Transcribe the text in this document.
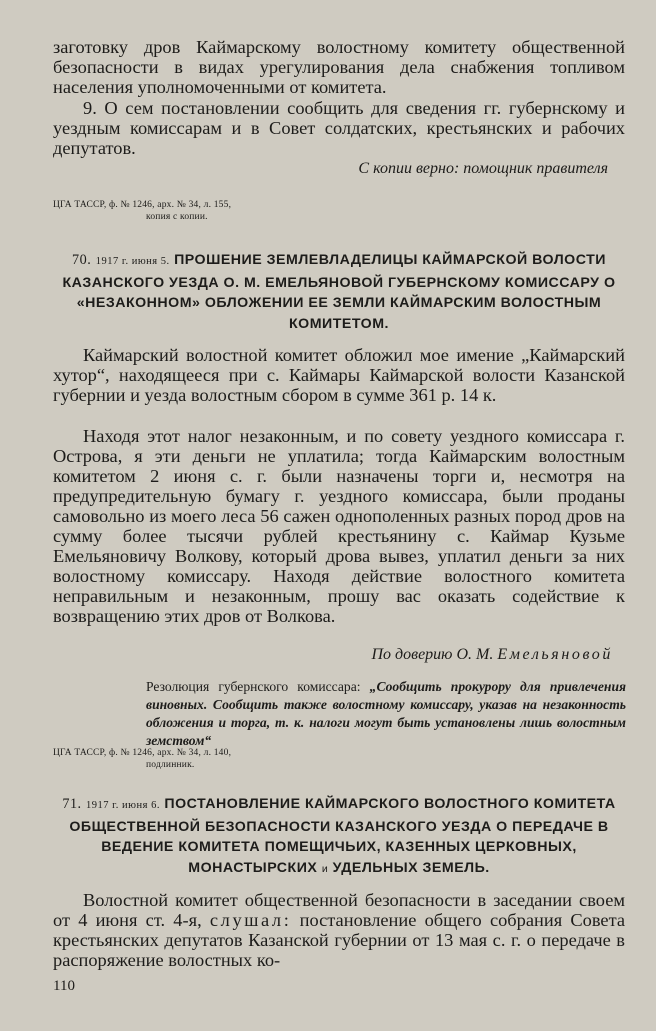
заготовку дров Каймарскому волостному комитету общественной безопасности в видах урегулирования дела снабжения топливом населения уполномоченными от комитета.

9. О сем постановлении сообщить для сведения гг. губернскому и уездным комиссарам и в Совет солдатских, крестьянских и рабочих депутатов.

С копии верно: помощник правителя

ЦГА ТАССР, ф. № 1246, арх. № 34, л. 155,
копия с копии.
70. 1917 г. июня 5. ПРОШЕНИЕ ЗЕМЛЕВЛАДЕЛИЦЫ КАЙМАРСКОЙ ВОЛОСТИ КАЗАНСКОГО УЕЗДА О. М. ЕМЕЛЬЯНОВОЙ ГУБЕРНСКОМУ КОМИССАРУ О «НЕЗАКОННОМ» ОБЛОЖЕНИИ ЕЕ ЗЕМЛИ КАЙМАРСКИМ ВОЛОСТНЫМ КОМИТЕТОМ.

Каймарский волостной комитет обложил мое имение „Каймарский хутор“, находящееся при с. Каймары Каймарской волости Казанской губернии и уезда волостным сбором в сумме 361 р. 14 к.

Находя этот налог незаконным, и по совету уездного комиссара г. Острова, я эти деньги не уплатила; тогда Каймарским волостным комитетом 2 июня с. г. были назначены торги и, несмотря на предупредительную бумагу г. уездного комиссара, были проданы самовольно из моего леса 56 сажен однополенных разных пород дров на сумму более тысячи рублей крестьянину с. Каймар Кузьме Емельяновичу Волкову, который дрова вывез, уплатил деньги за них волостному комиссару. Находя действие волостного комитета неправильным и незаконным, прошу вас оказать содействие к возвращению этих дров от Волкова.

По доверию О. М. Емельяновой

Резолюция губернского комиссара: „Сообщить прокурору для привлечения виновных. Сообщить также волостному комиссару, указав на незаконность обложения и торга, т. к. налоги могут быть установлены лишь волостным земством“

ЦГА ТАССР, ф. № 1246, арх. № 34, л. 140,
подлинник.
71. 1917 г. июня 6. ПОСТАНОВЛЕНИЕ КАЙМАРСКОГО ВОЛОСТНОГО КОМИТЕТА ОБЩЕСТВЕННОЙ БЕЗОПАСНОСТИ КАЗАНСКОГО УЕЗДА О ПЕРЕДАЧЕ В ВЕДЕНИЕ КОМИТЕТА ПОМЕЩИЧЬИХ, КАЗЕННЫХ ЦЕРКОВНЫХ, МОНАСТЫРСКИХ и УДЕЛЬНЫХ ЗЕМЕЛЬ.

Волостной комитет общественной безопасности в заседании своем от 4 июня ст. 4-я, слушал: постановление общего собрания Совета крестьянских депутатов Казанской губернии от 13 мая с. г. о передаче в распоряжение волостных ко-

110
